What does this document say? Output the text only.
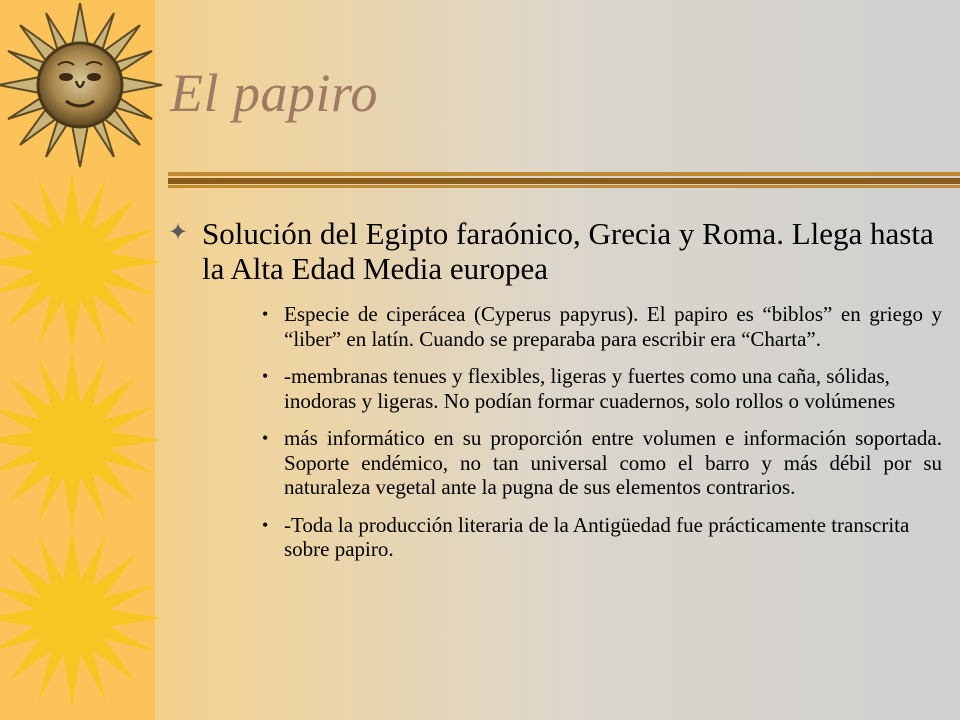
El papiro
✦ Solución del Egipto faraónico, Grecia y Roma. Llega hasta la Alta Edad Media europea
• Especie de ciperácea (Cyperus papyrus). El papiro es “biblos” en griego y “liber” en latín. Cuando se preparaba para escribir era “Charta”.
• -membranas tenues y flexibles, ligeras y fuertes como una caña, sólidas, inodoras y ligeras. No podían formar cuadernos, solo rollos o volúmenes
• más informático en su proporción entre volumen e información soportada. Soporte endémico, no tan universal como el barro y más débil por su naturaleza vegetal ante la pugna de sus elementos contrarios.
• -Toda la producción literaria de la Antigüedad fue prácticamente transcrita sobre papiro.
